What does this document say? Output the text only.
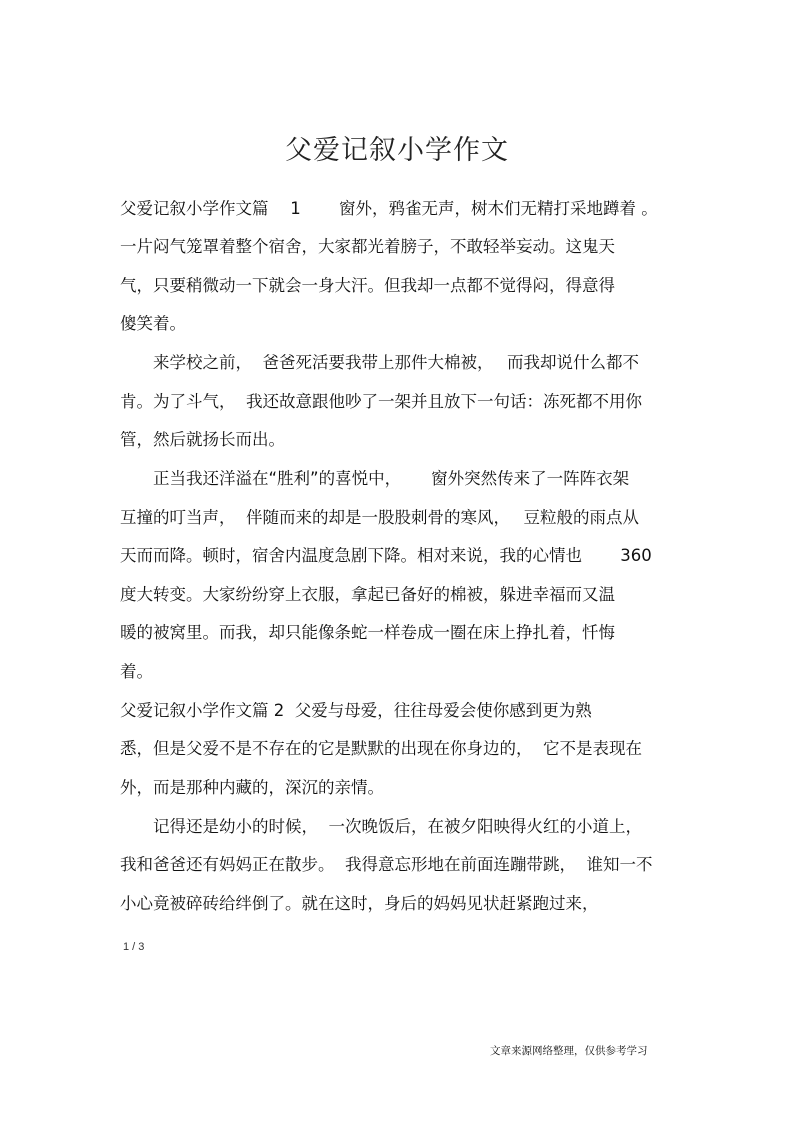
父爱记叙小学作文
父爱记叙小学作文篇　 1　　 窗外，鸦雀无声，树木们无精打采地蹲着 。
一片闷气笼罩着整个宿舍，大家都光着膀子，不敢轻举妄动。这鬼天
气，只要稍微动一下就会一身大汗。但我却一点都不觉得闷，得意得
傻笑着。
　　来学校之前，  爸爸死活要我带上那件大棉被，　 而我却说什么都不
肯。为了斗气，  我还故意跟他吵了一架并且放下一句话：冻死都不用你
管，然后就扬长而出。
　　正当我还洋溢在“胜利”的喜悦中，　　 窗外突然传来了一阵阵衣架
互撞的叮当声，  伴随而来的却是一股股刺骨的寒风，　 豆粒般的雨点从
天而而降。顿时，宿舍内温度急剧下降。相对来说，我的心情也　　 360
度大转变。大家纷纷穿上衣服，拿起已备好的棉被，躲进幸福而又温
暖的被窝里。而我，却只能像条蛇一样卷成一圈在床上挣扎着，忏悔
着。
父爱记叙小学作文篇 2  父爱与母爱，往往母爱会使你感到更为熟
悉，但是父爱不是不存在的它是默默的出现在你身边的，  它不是表现在
外，而是那种内藏的，深沉的亲情。
　　记得还是幼小的时候，  一次晚饭后，在被夕阳映得火红的小道上，
我和爸爸还有妈妈正在散步。  我得意忘形地在前面连蹦带跳，  谁知一不
小心竟被碎砖给绊倒了。就在这时，身后的妈妈见状赶紧跑过来，
1 / 3
文章来源网络整理，仅供参考学习
